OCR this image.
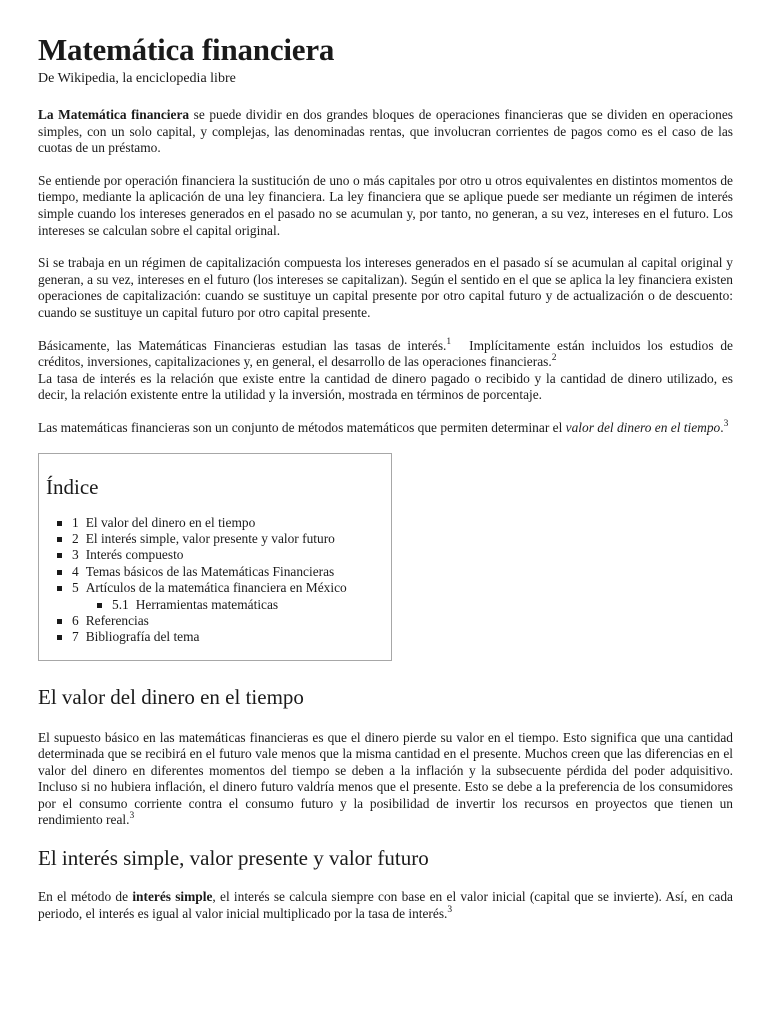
Matemática financiera
De Wikipedia, la enciclopedia libre

La Matemática financiera se puede dividir en dos grandes bloques de operaciones financieras que se dividen en operaciones simples, con un solo capital, y complejas, las denominadas rentas, que involucran corrientes de pagos como es el caso de las cuotas de un préstamo.

Se entiende por operación financiera la sustitución de uno o más capitales por otro u otros equivalentes en distintos momentos de tiempo, mediante la aplicación de una ley financiera. La ley financiera que se aplique puede ser mediante un régimen de interés simple cuando los intereses generados en el pasado no se acumulan y, por tanto, no generan, a su vez, intereses en el futuro. Los intereses se calculan sobre el capital original.

Si se trabaja en un régimen de capitalización compuesta los intereses generados en el pasado sí se acumulan al capital original y generan, a su vez, intereses en el futuro (los intereses se capitalizan). Según el sentido en el que se aplica la ley financiera existen operaciones de capitalización: cuando se sustituye un capital presente por otro capital futuro y de actualización o de descuento: cuando se sustituye un capital futuro por otro capital presente.

Básicamente, las Matemáticas Financieras estudian las tasas de interés.$^1$ Implícitamente están incluidos los estudios de créditos, inversiones, capitalizaciones y, en general, el desarrollo de las operaciones financieras.$^2$
La tasa de interés es la relación que existe entre la cantidad de dinero pagado o recibido y la cantidad de dinero utilizado, es decir, la relación existente entre la utilidad y la inversión, mostrada en términos de porcentaje.

Las matemáticas financieras son un conjunto de métodos matemáticos que permiten determinar el valor del dinero en el tiempo.$^3$

Índice
1 El valor del dinero en el tiempo
2 El interés simple, valor presente y valor futuro
3 Interés compuesto
4 Temas básicos de las Matemáticas Financieras
5 Artículos de la matemática financiera en México
5.1 Herramientas matemáticas
6 Referencias
7 Bibliografía del tema
El valor del dinero en el tiempo

El supuesto básico en las matemáticas financieras es que el dinero pierde su valor en el tiempo. Esto significa que una cantidad determinada que se recibirá en el futuro vale menos que la misma cantidad en el presente. Muchos creen que las diferencias en el valor del dinero en diferentes momentos del tiempo se deben a la inflación y la subsecuente pérdida del poder adquisitivo. Incluso si no hubiera inflación, el dinero futuro valdría menos que el presente. Esto se debe a la preferencia de los consumidores por el consumo corriente contra el consumo futuro y la posibilidad de invertir los recursos en proyectos que tienen un rendimiento real.$^3$

El interés simple, valor presente y valor futuro

En el método de interés simple, el interés se calcula siempre con base en el valor inicial (capital que se invierte). Así, en cada periodo, el interés es igual al valor inicial multiplicado por la tasa de interés.$^3$
